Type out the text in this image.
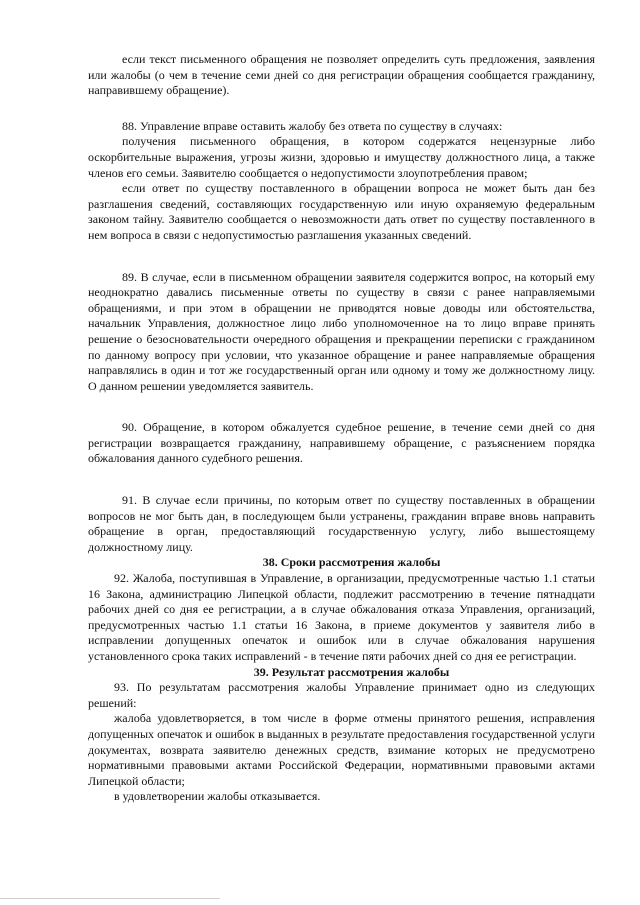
если текст письменного обращения не позволяет определить суть предложения, заявления или жалобы (о чем в течение семи дней со дня регистрации обращения сообщается гражданину, направившему обращение).

88. Управление вправе оставить жалобу без ответа по существу в случаях:

получения письменного обращения, в котором содержатся нецензурные либо оскорбительные выражения, угрозы жизни, здоровью и имуществу должностного лица, а также членов его семьи. Заявителю сообщается о недопустимости злоупотребления правом;

если ответ по существу поставленного в обращении вопроса не может быть дан без разглашения сведений, составляющих государственную или иную охраняемую федеральным законом тайну. Заявителю сообщается о невозможности дать ответ по существу поставленного в нем вопроса в связи с недопустимостью разглашения указанных сведений.

89. В случае, если в письменном обращении заявителя содержится вопрос, на который ему неоднократно давались письменные ответы по существу в связи с ранее направляемыми обращениями, и при этом в обращении не приводятся новые доводы или обстоятельства, начальник Управления, должностное лицо либо уполномоченное на то лицо вправе принять решение о безосновательности очередного обращения и прекращении переписки с гражданином по данному вопросу при условии, что указанное обращение и ранее направляемые обращения направлялись в один и тот же государственный орган или одному и тому же должностному лицу. О данном решении уведомляется заявитель.

90. Обращение, в котором обжалуется судебное решение, в течение семи дней со дня регистрации возвращается гражданину, направившему обращение, с разъяснением порядка обжалования данного судебного решения.

91. В случае если причины, по которым ответ по существу поставленных в обращении вопросов не мог быть дан, в последующем были устранены, гражданин вправе вновь направить обращение в орган, предоставляющий государственную услугу, либо вышестоящему должностному лицу.

38. Сроки рассмотрения жалобы

92. Жалоба, поступившая в Управление, в организации, предусмотренные частью 1.1 статьи 16 Закона, администрацию Липецкой области, подлежит рассмотрению в течение пятнадцати рабочих дней со дня ее регистрации, а в случае обжалования отказа Управления, организаций, предусмотренных частью 1.1 статьи 16 Закона, в приеме документов у заявителя либо в исправлении допущенных опечаток и ошибок или в случае обжалования нарушения установленного срока таких исправлений - в течение пяти рабочих дней со дня ее регистрации.

39. Результат рассмотрения жалобы

93. По результатам рассмотрения жалобы Управление принимает одно из следующих решений:

жалоба удовлетворяется, в том числе в форме отмены принятого решения, исправления допущенных опечаток и ошибок в выданных в результате предоставления государственной услуги документах, возврата заявителю денежных средств, взимание которых не предусмотрено нормативными правовыми актами Российской Федерации, нормативными правовыми актами Липецкой области;

в удовлетворении жалобы отказывается.
